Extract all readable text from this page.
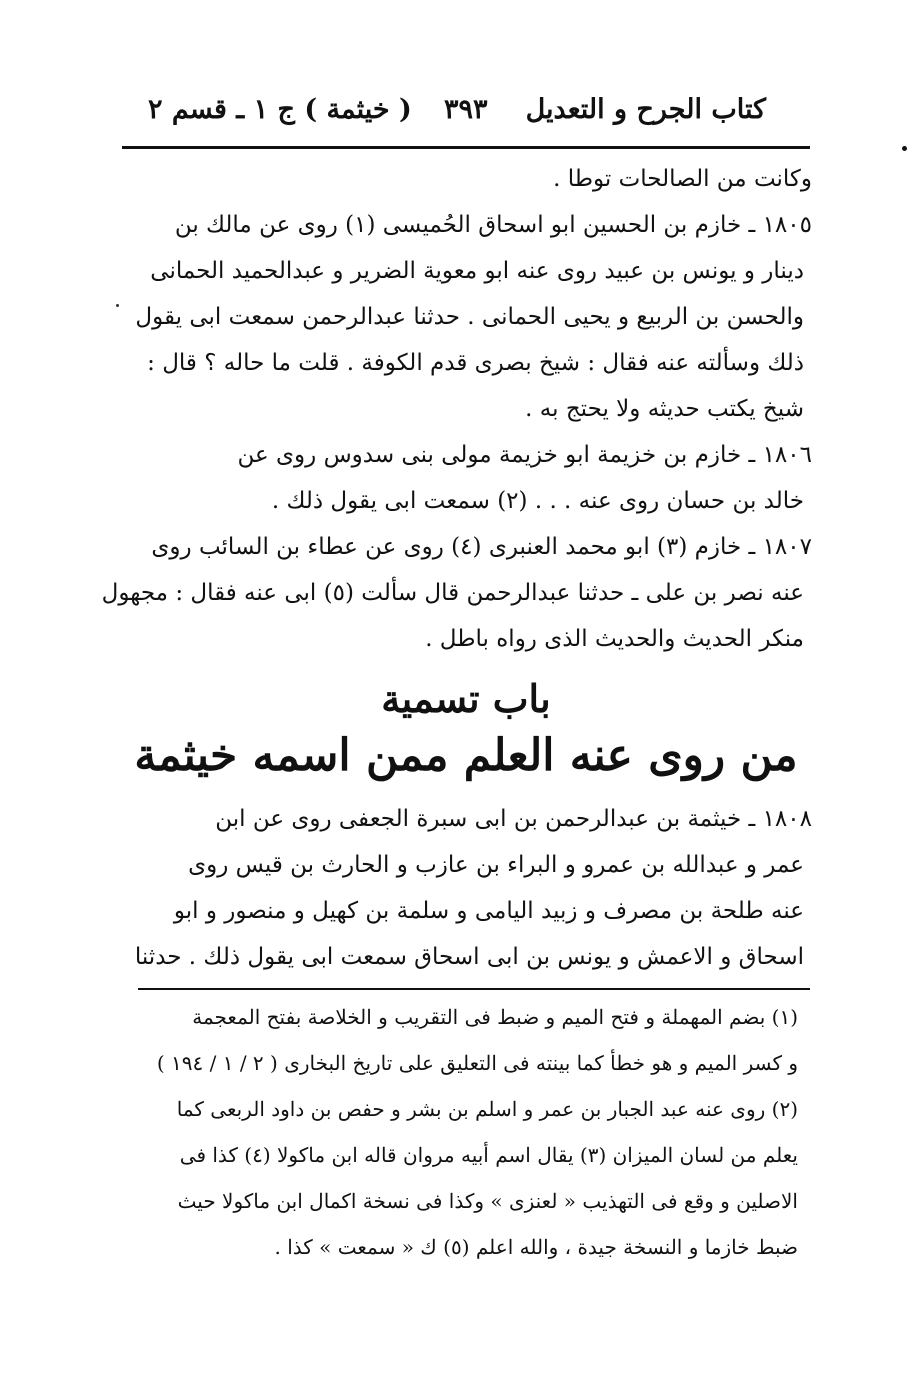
كتاب الجرح و التعديل
٣٩٣
( خيثمة ) ج ١ ـ قسم ٢
وكانت من الصالحات توطا .
١٨٠٥ ـ خازم بن الحسين ابو اسحاق الحُميسى (١) روى عن مالك بن
دينار و يونس بن عبيد روى عنه ابو معوية الضرير و عبدالحميد الحمانى
والحسن بن الربيع و يحيى الحمانى . حدثنا عبدالرحمن سمعت ابى يقول
ذلك وسألته عنه فقال : شيخ بصرى قدم الكوفة . قلت ما حاله ؟ قال :
شيخ يكتب حديثه ولا يحتج به .
١٨٠٦ ـ خازم بن خزيمة ابو خزيمة مولى بنى سدوس روى عن
خالد بن حسان روى عنه . . . (٢) سمعت ابى يقول ذلك .
١٨٠٧ ـ خازم (٣) ابو محمد العنبرى (٤) روى عن عطاء بن السائب روى
عنه نصر بن على ـ حدثنا عبدالرحمن قال سألت (٥) ابى عنه فقال : مجهول
منكر الحديث والحديث الذى رواه باطل .
باب تسمية
من روى عنه العلم ممن اسمه خيثمة
١٨٠٨ ـ خيثمة بن عبدالرحمن بن ابى سبرة الجعفى روى عن ابن
عمر و عبدالله بن عمرو و البراء بن عازب و الحارث بن قيس روى
عنه طلحة بن مصرف و زبيد اليامى و سلمة بن كهيل و منصور و ابو
اسحاق و الاعمش و يونس بن ابى اسحاق سمعت ابى يقول ذلك . حدثنا
(١) بضم المهملة و فتح الميم و ضبط فى التقريب و الخلاصة بفتح المعجمة
و كسر الميم و هو خطأ كما بينته فى التعليق على تاريخ البخارى ( ٢ / ١ / ١٩٤ )
(٢) روى عنه عبد الجبار بن عمر و اسلم بن بشر و حفص بن داود الربعى كما
يعلم من لسان الميزان (٣) يقال اسم أبيه مروان قاله ابن ماكولا (٤) كذا فى
الاصلين و وقع فى التهذيب « لعنزى » وكذا فى نسخة اكمال ابن ماكولا حيث
ضبط خازما و النسخة جيدة ، والله اعلم (٥) ك « سمعت » كذا .
